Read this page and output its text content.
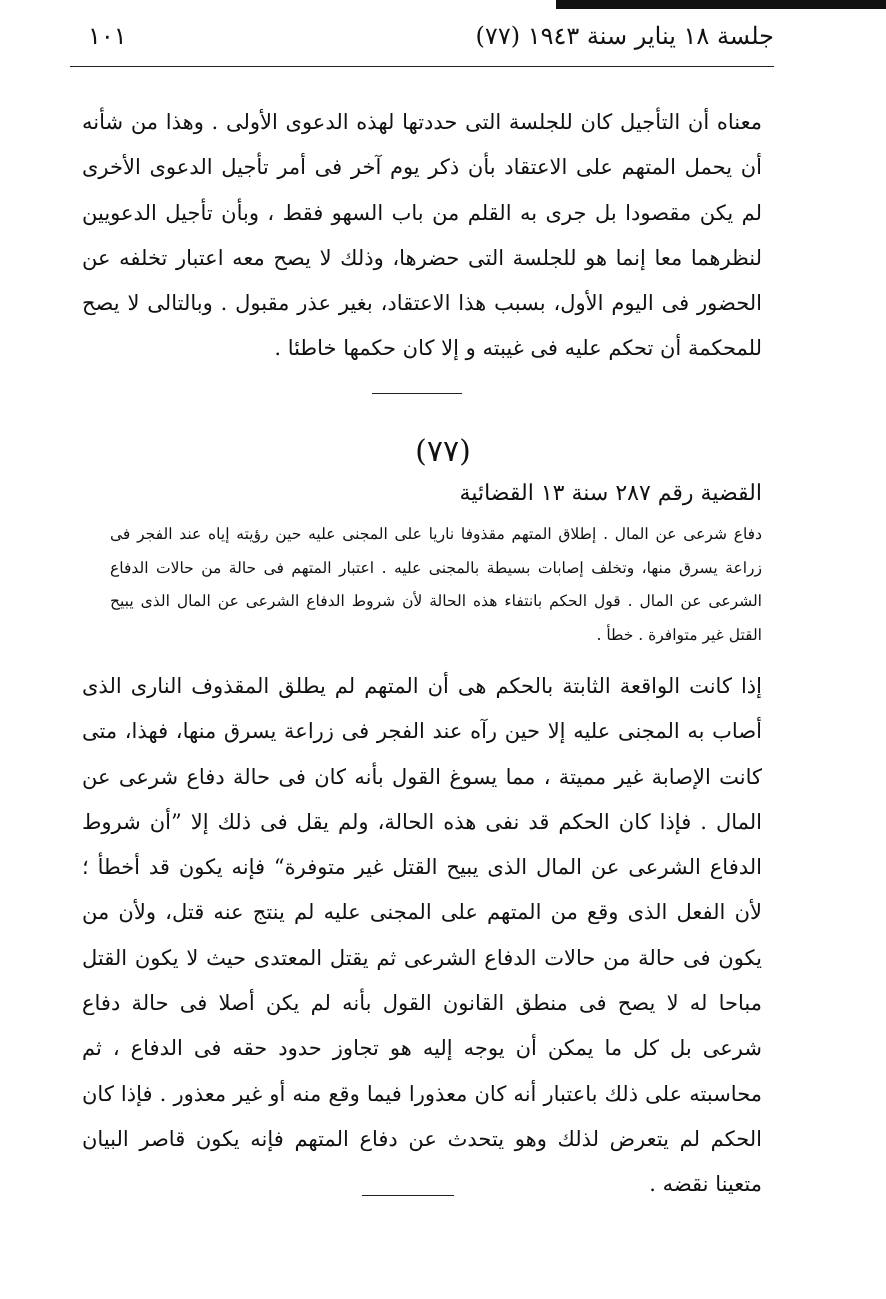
جلسة ١٨ يناير سنة ١٩٤٣ (٧٧)
١٠١

معناه أن التأجيل كان للجلسة التى حددتها لهذه الدعوى الأولى . وهذا من شأنه أن يحمل المتهم على الاعتقاد بأن ذكر يوم آخر فى أمر تأجيل الدعوى الأخرى لم يكن مقصودا بل جرى به القلم من باب السهو فقط ، وبأن تأجيل الدعويين لنظرهما معا إنما هو للجلسة التى حضرها، وذلك لا يصح معه اعتبار تخلفه عن الحضور فى اليوم الأول، بسبب هذا الاعتقاد، بغير عذر مقبول . وبالتالى لا يصح للمحكمة أن تحكم عليه فى غيبته و إلا كان حكمها خاطئا .

(٧٧)
القضية رقم ٢٨٧ سنة ١٣ القضائية

دفاع شرعى عن المال . إطلاق المتهم مقذوفا ناريا على المجنى عليه حين رؤيته إياه عند الفجر فى زراعة يسرق منها، وتخلف إصابات بسيطة بالمجنى عليه . اعتبار المتهم فى حالة من حالات الدفاع الشرعى عن المال . قول الحكم بانتفاء هذه الحالة لأن شروط الدفاع الشرعى عن المال الذى يبيح القتل غير متوافرة . خطأ .

إذا كانت الواقعة الثابتة بالحكم هى أن المتهم لم يطلق المقذوف النارى الذى أصاب به المجنى عليه إلا حين رآه عند الفجر فى زراعة يسرق منها، فهذا، متى كانت الإصابة غير مميتة ، مما يسوغ القول بأنه كان فى حالة دفاع شرعى عن المال . فإذا كان الحكم قد نفى هذه الحالة، ولم يقل فى ذلك إلا ”أن شروط الدفاع الشرعى عن المال الذى يبيح القتل غير متوفرة“ فإنه يكون قد أخطأ ؛ لأن الفعل الذى وقع من المتهم على المجنى عليه لم ينتج عنه قتل، ولأن من يكون فى حالة من حالات الدفاع الشرعى ثم يقتل المعتدى حيث لا يكون القتل مباحا له لا يصح فى منطق القانون القول بأنه لم يكن أصلا فى حالة دفاع شرعى بل كل ما يمكن أن يوجه إليه هو تجاوز حدود حقه فى الدفاع ، ثم محاسبته على ذلك باعتبار أنه كان معذورا فيما وقع منه أو غير معذور . فإذا كان الحكم لم يتعرض لذلك وهو يتحدث عن دفاع المتهم فإنه يكون قاصر البيان متعينا نقضه .
